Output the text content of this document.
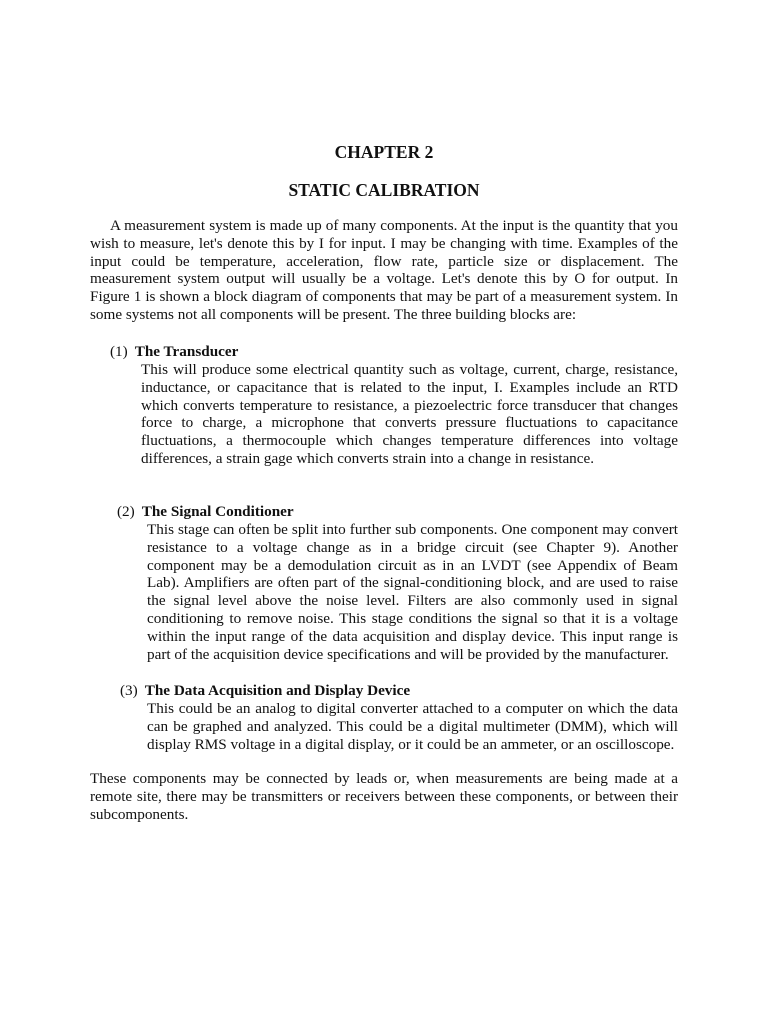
CHAPTER 2
STATIC CALIBRATION

A measurement system is made up of many components. At the input is the quantity that you wish to measure, let's denote this by I for input. I may be changing with time. Examples of the input could be temperature, acceleration, flow rate, particle size or displacement. The measurement system output will usually be a voltage. Let's denote this by O for output. In Figure 1 is shown a block diagram of components that may be part of a measurement system. In some systems not all components will be present. The three building blocks are:

(1) The Transducer

This will produce some electrical quantity such as voltage, current, charge, resistance, inductance, or capacitance that is related to the input, I. Examples include an RTD which converts temperature to resistance, a piezoelectric force transducer that changes force to charge, a microphone that converts pressure fluctuations to capacitance fluctuations, a thermocouple which changes temperature differences into voltage differences, a strain gage which converts strain into a change in resistance.

(2) The Signal Conditioner

This stage can often be split into further sub components. One component may convert resistance to a voltage change as in a bridge circuit (see Chapter 9). Another component may be a demodulation circuit as in an LVDT (see Appendix of Beam Lab). Amplifiers are often part of the signal-conditioning block, and are used to raise the signal level above the noise level. Filters are also commonly used in signal conditioning to remove noise. This stage conditions the signal so that it is a voltage within the input range of the data acquisition and display device. This input range is part of the acquisition device specifications and will be provided by the manufacturer.

(3) The Data Acquisition and Display Device

This could be an analog to digital converter attached to a computer on which the data can be graphed and analyzed. This could be a digital multimeter (DMM), which will display RMS voltage in a digital display, or it could be an ammeter, or an oscilloscope.

These components may be connected by leads or, when measurements are being made at a remote site, there may be transmitters or receivers between these components, or between their subcomponents.
